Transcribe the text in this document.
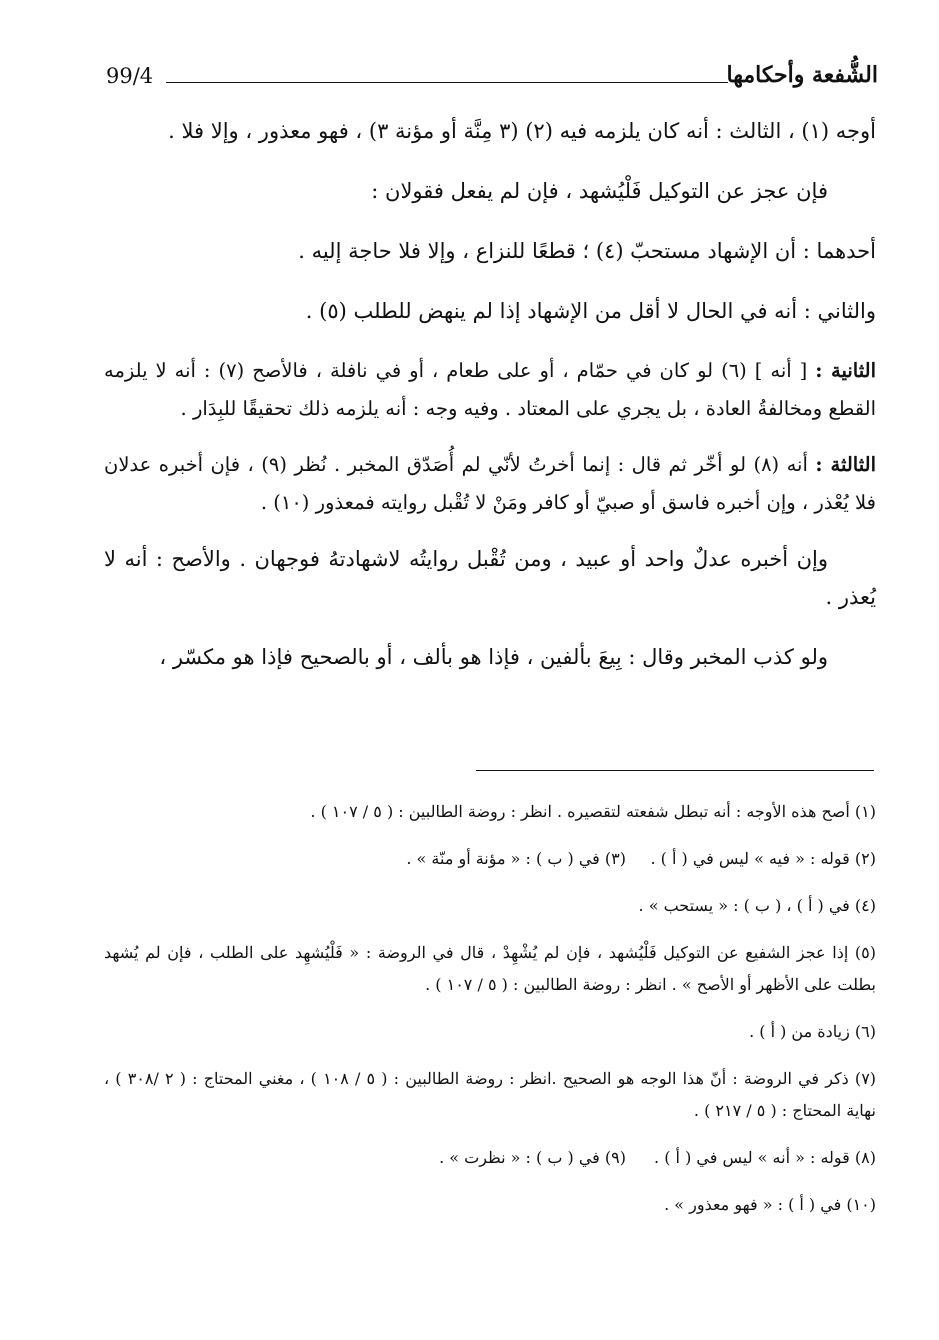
الشُّفعة وأحكامها
99/4

أوجه (١) ، الثالث : أنه كان يلزمه فيه (٢) (٣ مِنَّة أو مؤنة ٣) ، فهو معذور ، وإلا فلا .

فإن عجز عن التوكيل فَلْيُشهد ، فإن لم يفعل فقولان :

أحدهما : أن الإشهاد مستحبّ (٤) ؛ قطعًا للنزاع ، وإلا فلا حاجة إليه .

والثاني : أنه في الحال لا أقل من الإشهاد إذا لم ينهض للطلب (٥) .

الثانية : [ أنه ] (٦) لو كان في حمّام ، أو على طعام ، أو في نافلة ، فالأصح (٧) : أنه لا يلزمه القطع ومخالفةُ العادة ، بل يجري على المعتاد . وفيه وجه : أنه يلزمه ذلك تحقيقًا للبِدَار .

الثالثة : أنه (٨) لو أخّر ثم قال : إنما أخرتُ لأنّي لم أُصَدّق المخبر . نُظر (٩) ، فإن أخبره عدلان فلا يُعْذر ، وإن أخبره فاسق أو صبيّ أو كافر ومَنْ لا تُقْبل روايته فمعذور (١٠) .

وإن أخبره عدلٌ واحد أو عبيد ، ومن تُقْبل روايتُه لاشهادتهُ فوجهان . والأصح : أنه لا يُعذر .

ولو كذب المخبر وقال : بِيعَ بألفين ، فإذا هو بألف ، أو بالصحيح فإذا هو مكسّر ،

(١) أصح هذه الأوجه : أنه تبطل شفعته لتقصيره . انظر : روضة الطالبين : ( ٥ / ١٠٧ ) .

(٢) قوله : « فيه » ليس في ( أ ) .
(٣) في ( ب ) : « مؤنة أو منّة » .

(٤) في ( أ ) ، ( ب ) : « يستحب » .

(٥) إذا عجز الشفيع عن التوكيل فَلْيُشهد ، فإن لم يُشْهِدْ ، قال في الروضة : « فَلْيُشهِد على الطلب ، فإن لم يُشهد بطلت على الأظهر أو الأصح » . انظر : روضة الطالبين : ( ٥ / ١٠٧ ) .

(٦) زيادة من ( أ ) .

(٧) ذكر في الروضة : أنّ هذا الوجه هو الصحيح .انظر : روضة الطالبين : ( ٥ / ١٠٨ ) ، مغني المحتاج : ( ٢ /٣٠٨ ) ، نهاية المحتاج : ( ٥ / ٢١٧ ) .

(٨) قوله : « أنه » ليس في ( أ ) .
(٩) في ( ب ) : « نظرت » .

(١٠) في ( أ ) : « فهو معذور » .
